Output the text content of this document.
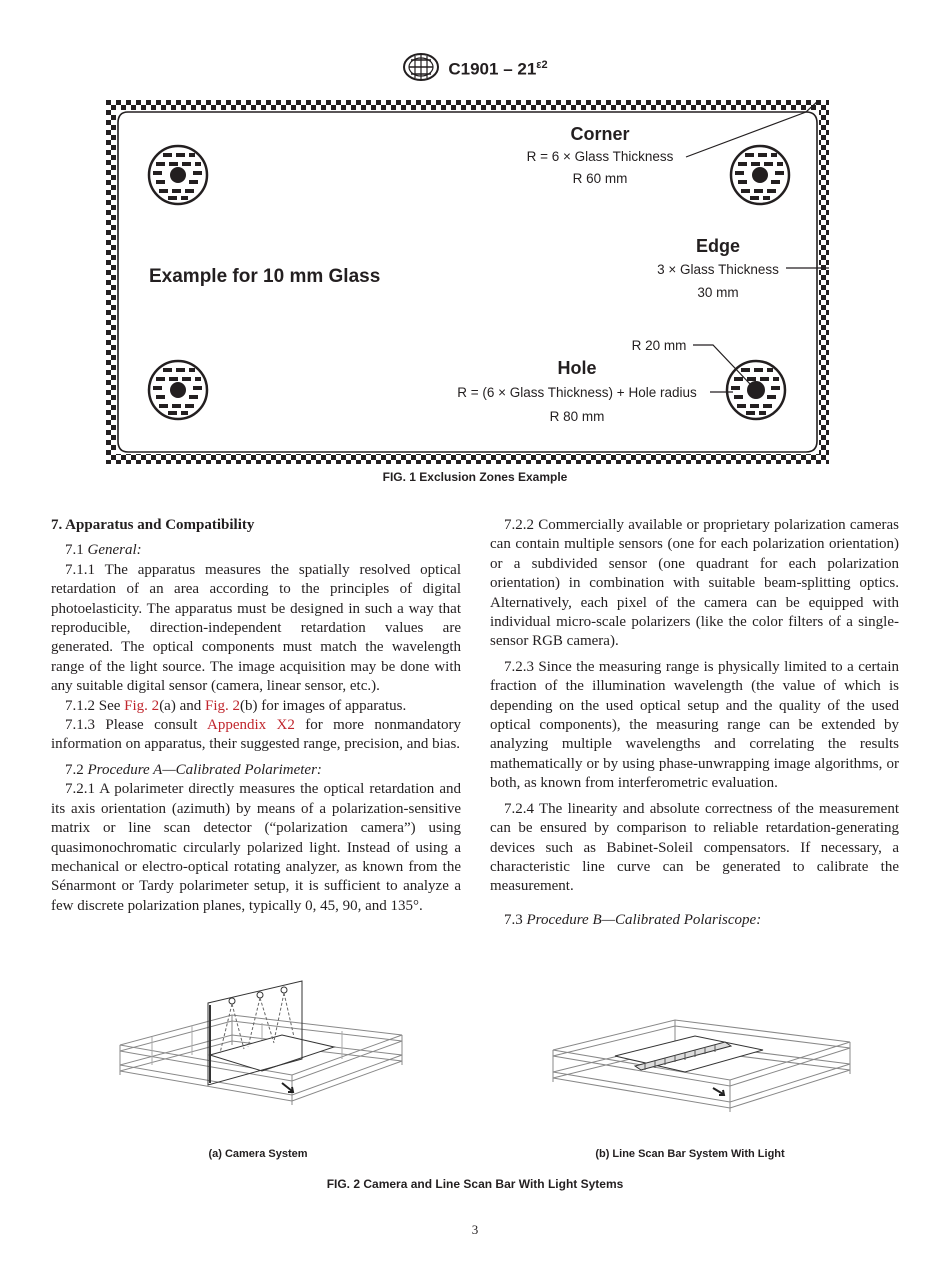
$C1901 - 21^{\varepsilon 2}$
Corner
R = 6 × Glass Thickness
R 60 mm
Example for 10 mm Glass
Edge
3 × Glass Thickness
30 mm
R 20 mm
Hole
R = (6 × Glass Thickness) + Hole radius
R 80 mm
FIG. 1 Exclusion Zones Example
7. Apparatus and Compatibility

7.1 General:

7.1.1 The apparatus measures the spatially resolved optical retardation of an area according to the principles of digital photoelasticity. The apparatus must be designed in such a way that reproducible, direction-independent retardation values are generated. The optical components must match the wavelength range of the light source. The image acquisition may be done with any suitable digital sensor (camera, linear sensor, etc.).

7.1.2 See Fig. 2(a) and Fig. 2(b) for images of apparatus.

7.1.3 Please consult Appendix X2 for more nonmandatory information on apparatus, their suggested range, precision, and bias.

7.2 Procedure A—Calibrated Polarimeter:

7.2.1 A polarimeter directly measures the optical retardation and its axis orientation (azimuth) by means of a polarization-sensitive matrix or line scan detector (“polarization camera”) using quasimonochromatic circularly polarized light. Instead of using a mechanical or electro-optical rotating analyzer, as known from the Sénarmont or Tardy polarimeter setup, it is sufficient to analyze a few discrete polarization planes, typically 0, 45, 90, and 135°.

7.2.2 Commercially available or proprietary polarization cameras can contain multiple sensors (one for each polarization orientation) or a subdivided sensor (one quadrant for each polarization orientation) in combination with suitable beam-splitting optics. Alternatively, each pixel of the camera can be equipped with individual micro-scale polarizers (like the color filters of a single-sensor RGB camera).

7.2.3 Since the measuring range is physically limited to a certain fraction of the illumination wavelength (the value of which is depending on the used optical setup and the quality of the used optical components), the measuring range can be extended by analyzing multiple wavelengths and correlating the results mathematically or by using phase-unwrapping image algorithms, or both, as known from interferometric evaluation.

7.2.4 The linearity and absolute correctness of the measurement can be ensured by comparison to reliable retardation-generating devices such as Babinet-Soleil compensators. If necessary, a characteristic line curve can be generated to calibrate the measurement.

7.3 Procedure B—Calibrated Polariscope:

(a) Camera System	(b) Line Scan Bar System With Light
FIG. 2 Camera and Line Scan Bar With Light Sytems
3
